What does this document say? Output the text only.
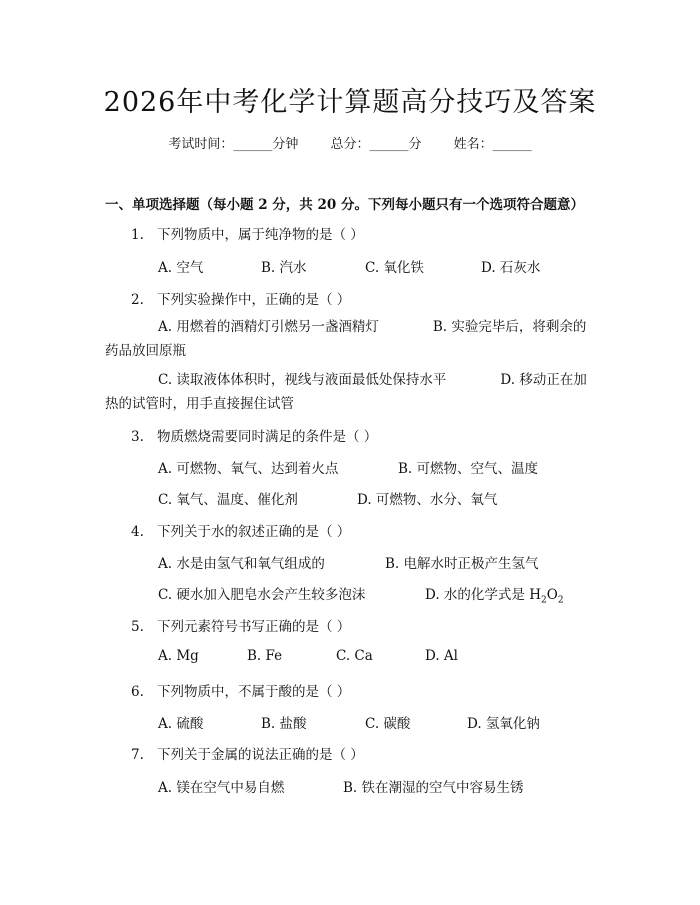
2026年中考化学计算题高分技巧及答案
考试时间：______分钟 总分：______分 姓名：______
一、单项选择题（每小题 2 分，共 20 分。下列每小题只有一个选项符合题意）
1. 下列物质中，属于纯净物的是（ ）
A. 空气	B. 汽水	C. 氧化铁	D. 石灰水
2. 下列实验操作中，正确的是（ ）
A. 用燃着的酒精灯引燃另一盏酒精灯　　　　B. 实验完毕后，将剩余的药品放回原瓶
C. 读取液体体积时，视线与液面最低处保持水平　　　　D. 移动正在加热的试管时，用手直接握住试管
3. 物质燃烧需要同时满足的条件是（ ）
A. 可燃物、氧气、达到着火点	B. 可燃物、空气、温度
C. 氧气、温度、催化剂	D. 可燃物、水分、氧气
4. 下列关于水的叙述正确的是（ ）
A. 水是由氢气和氧气组成的	B. 电解水时正极产生氢气
C. 硬水加入肥皂水会产生较多泡沫	D. 水的化学式是 $H_2O_2$
5. 下列元素符号书写正确的是（ ）
A. Mg	B. Fe	C. Ca	D. Al
6. 下列物质中，不属于酸的是（ ）
A. 硫酸	B. 盐酸	C. 碳酸	D. 氢氧化钠
7. 下列关于金属的说法正确的是（ ）
A. 镁在空气中易自燃	B. 铁在潮湿的空气中容易生锈
